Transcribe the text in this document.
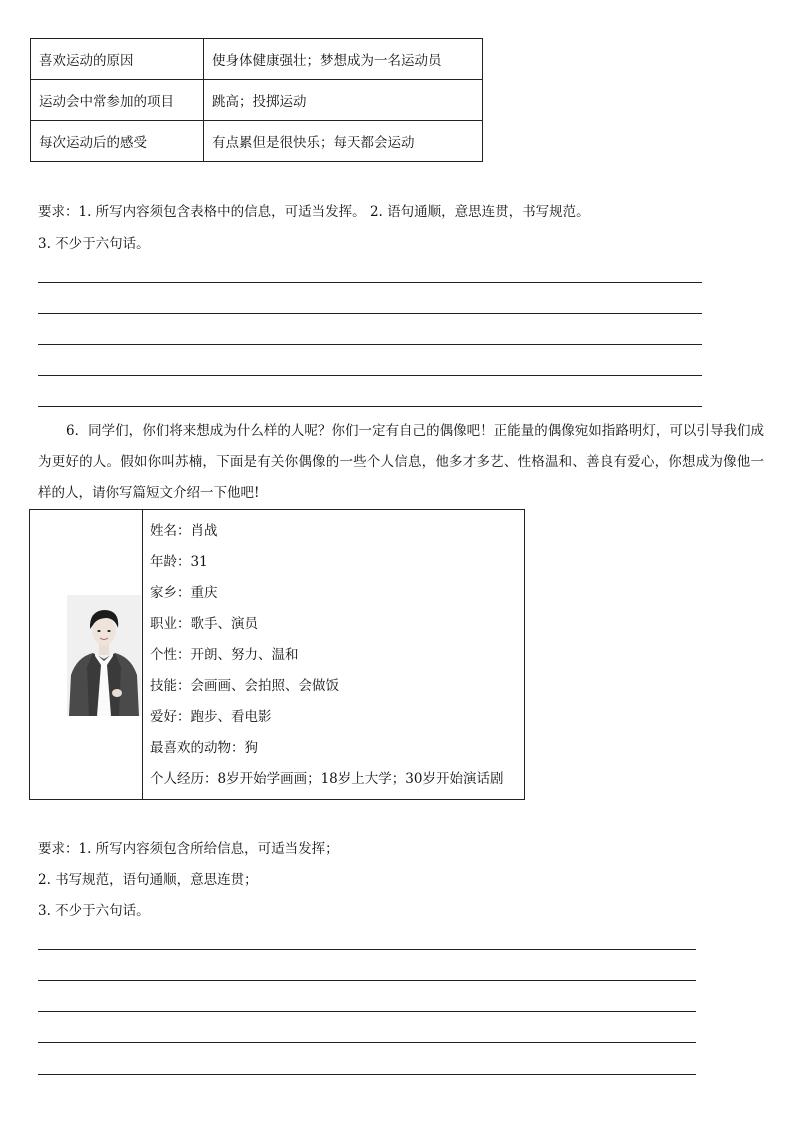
喜欢运动的原因	使身体健康强壮；梦想成为一名运动员
运动会中常参加的项目	跳高；投掷运动
每次运动后的感受	有点累但是很快乐；每天都会运动
要求：1. 所写内容须包含表格中的信息，可适当发挥。 2. 语句通顺，意思连贯，书写规范。
3. 不少于六句话。
6．同学们，你们将来想成为什么样的人呢？你们一定有自己的偶像吧！正能量的偶像宛如指路明灯，可以引导我们成为更好的人。假如你叫苏楠，下面是有关你偶像的一些个人信息，他多才多艺、性格温和、善良有爱心，你想成为像他一样的人，请你写篇短文介绍一下他吧!
姓名：肖战
年龄：31
家乡：重庆
职业：歌手、演员
个性：开朗、努力、温和
技能：会画画、会拍照、会做饭
爱好：跑步、看电影
最喜欢的动物：狗
个人经历：8岁开始学画画；18岁上大学；30岁开始演话剧
要求：1. 所写内容须包含所给信息，可适当发挥；
2. 书写规范，语句通顺，意思连贯；
3. 不少于六句话。
